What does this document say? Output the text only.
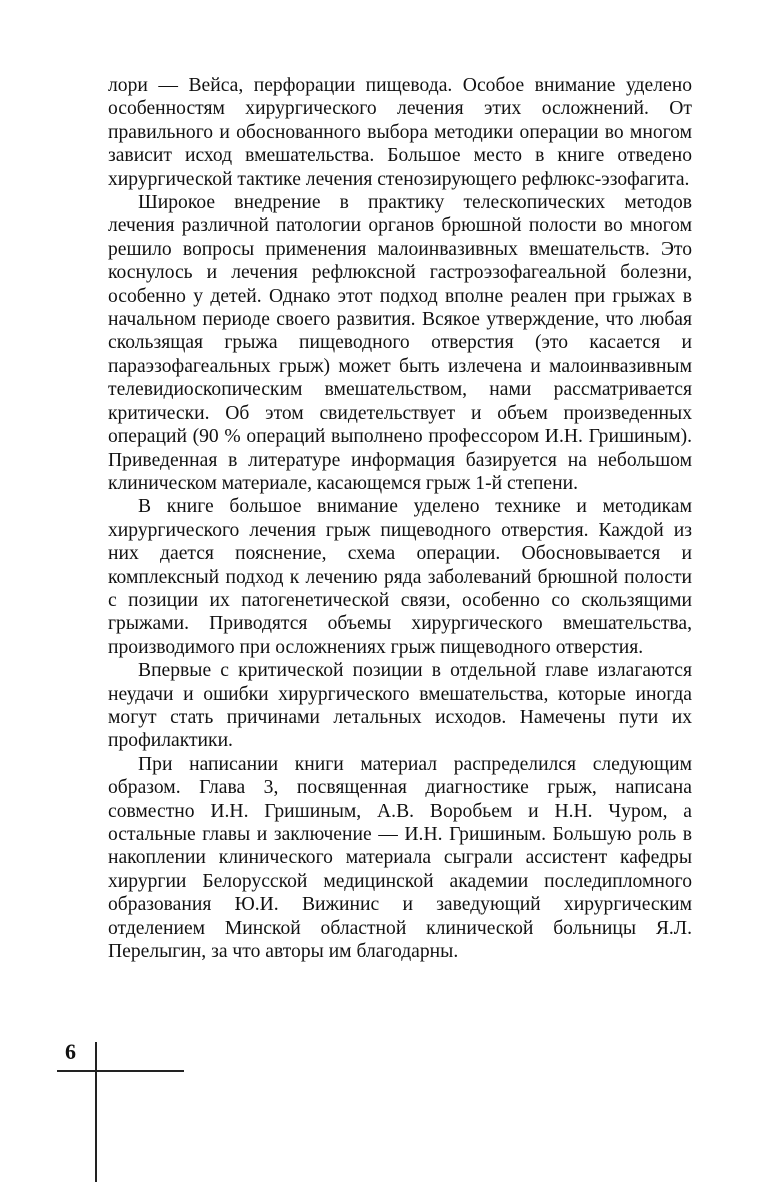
лори — Вейса, перфорации пищевода. Особое внимание уделено особенностям хирургического лечения этих осложнений. От правильного и обоснованного выбора методики операции во многом зависит исход вмешательства. Большое место в книге отведено хирургической тактике лечения стенозирующего рефлюкс-эзофагита.

Широкое внедрение в практику телескопических методов лечения различной патологии органов брюшной полости во многом решило вопросы применения малоинвазивных вмешательств. Это коснулось и лечения рефлюксной гастроэзофагеальной болезни, особенно у детей. Однако этот подход вполне реален при грыжах в начальном периоде своего развития. Всякое утверждение, что любая скользящая грыжа пищеводного отверстия (это касается и параэзофагеальных грыж) может быть излечена и малоинвазивным телевидиоскопическим вмешательством, нами рассматривается критически. Об этом свидетельствует и объем произведенных операций (90 % операций выполнено профессором И.Н. Гришиным). Приведенная в литературе информация базируется на небольшом клиническом материале, касающемся грыж 1-й степени.

В книге большое внимание уделено технике и методикам хирургического лечения грыж пищеводного отверстия. Каждой из них дается пояснение, схема операции. Обосновывается и комплексный подход к лечению ряда заболеваний брюшной полости с позиции их патогенетической связи, особенно со скользящими грыжами. Приводятся объемы хирургического вмешательства, производимого при осложнениях грыж пищеводного отверстия.

Впервые с критической позиции в отдельной главе излагаются неудачи и ошибки хирургического вмешательства, которые иногда могут стать причинами летальных исходов. Намечены пути их профилактики.

При написании книги материал распределился следующим образом. Глава 3, посвященная диагностике грыж, написана совместно И.Н. Гришиным, А.В. Воробьем и Н.Н. Чуром, а остальные главы и заключение — И.Н. Гришиным. Большую роль в накоплении клинического материала сыграли ассистент кафедры хирургии Белорусской медицинской академии последипломного образования Ю.И. Вижинис и заведующий хирургическим отделением Минской областной клинической больницы Я.Л. Перелыгин, за что авторы им благодарны.

6
